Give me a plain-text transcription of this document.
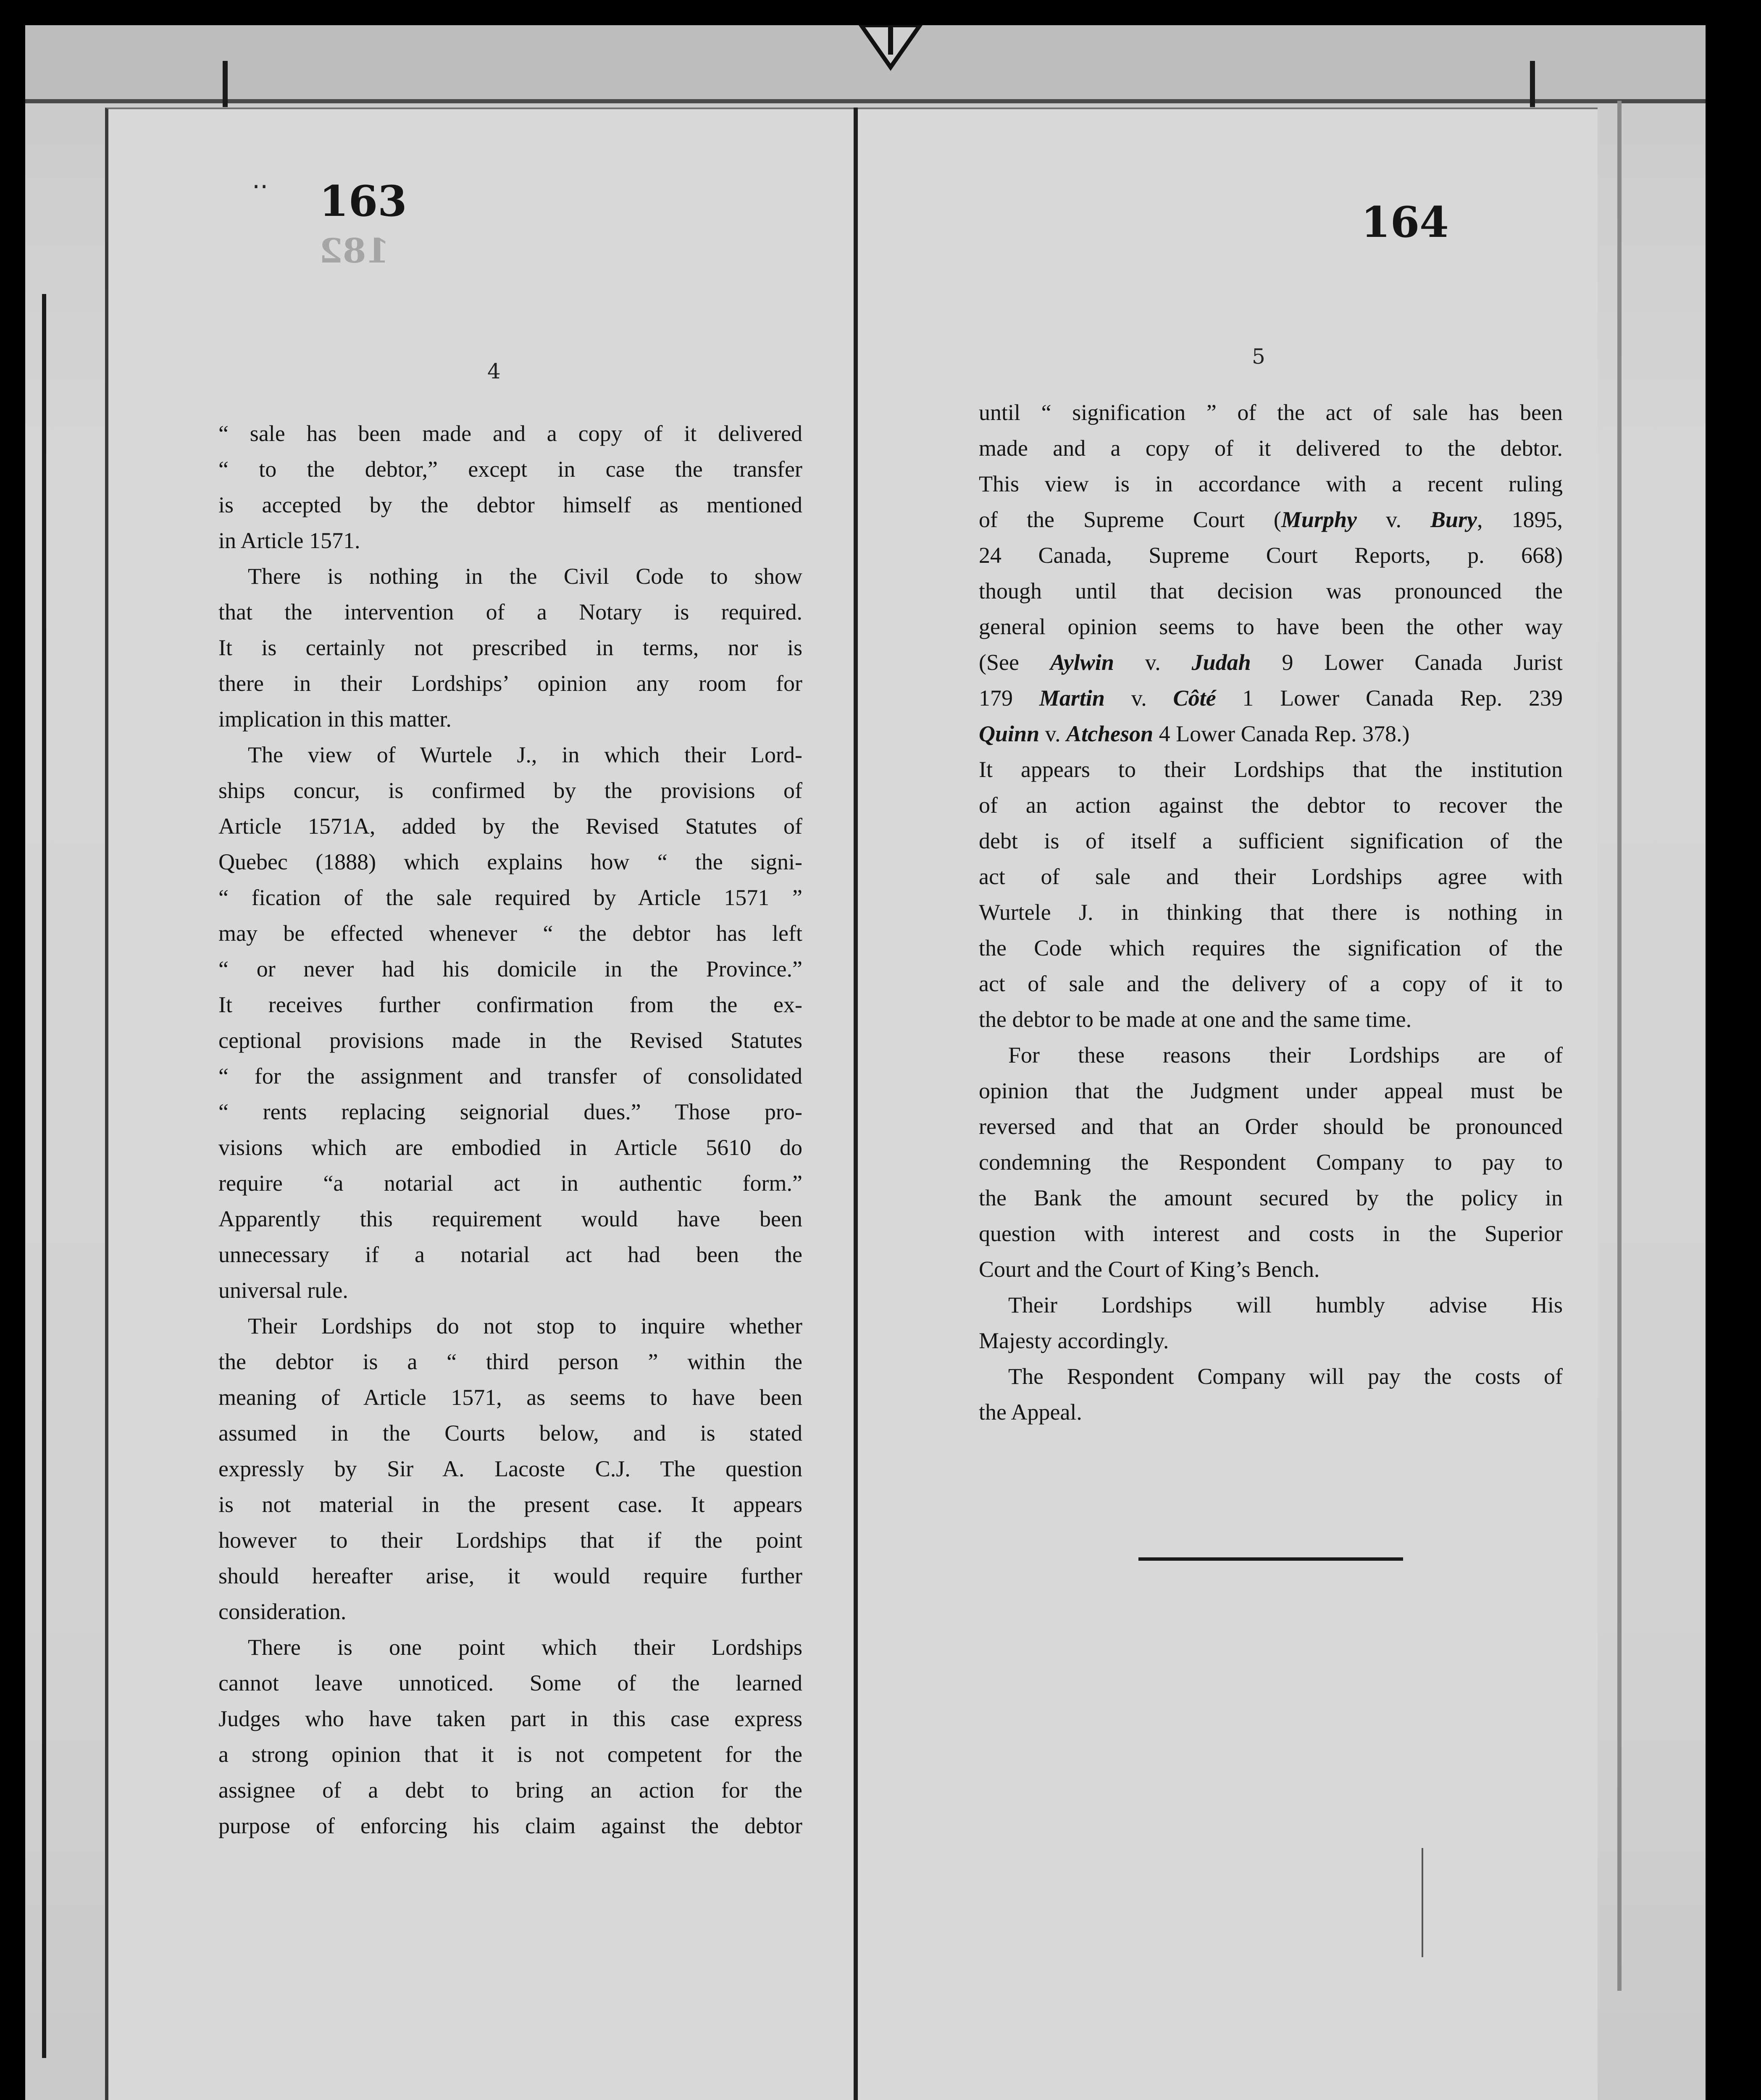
·· 163
182
164
4
5
“ sale has been made and a copy of it delivered
“ to the debtor,” except in case the transfer
is accepted by the debtor himself as mentioned
in Article 1571.
There is nothing in the Civil Code to show
that the intervention of a Notary is required.
It is certainly not prescribed in terms, nor is
there in their Lordships’ opinion any room for
implication in this matter.
The view of Wurtele J., in which their Lord-
ships concur, is confirmed by the provisions of
Article 1571A, added by the Revised Statutes of
Quebec (1888) which explains how “ the signi-
“ fication of the sale required by Article 1571 ”
may be effected whenever “ the debtor has left
“ or never had his domicile in the Province.”
It receives further confirmation from the ex-
ceptional provisions made in the Revised Statutes
“ for the assignment and transfer of consolidated
“ rents replacing seignorial dues.” Those pro-
visions which are embodied in Article 5610 do
require “a notarial act in authentic form.”
Apparently this requirement would have been
unnecessary if a notarial act had been the
universal rule.
Their Lordships do not stop to inquire whether
the debtor is a “ third person ” within the
meaning of Article 1571, as seems to have been
assumed in the Courts below, and is stated
expressly by Sir A. Lacoste C.J. The question
is not material in the present case. It appears
however to their Lordships that if the point
should hereafter arise, it would require further
consideration.
There is one point which their Lordships
cannot leave unnoticed. Some of the learned
Judges who have taken part in this case express
a strong opinion that it is not competent for the
assignee of a debt to bring an action for the
purpose of enforcing his claim against the debtor
until “ signification ” of the act of sale has been
made and a copy of it delivered to the debtor.
This view is in accordance with a recent ruling
of the Supreme Court (Murphy v. Bury, 1895,
24 Canada, Supreme Court Reports, p. 668)
though until that decision was pronounced the
general opinion seems to have been the other way
(See Aylwin v. Judah 9 Lower Canada Jurist
179 Martin v. Côté 1 Lower Canada Rep. 239
Quinn v. Atcheson 4 Lower Canada Rep. 378.)
It appears to their Lordships that the institution
of an action against the debtor to recover the
debt is of itself a sufficient signification of the
act of sale and their Lordships agree with
Wurtele J. in thinking that there is nothing in
the Code which requires the signification of the
act of sale and the delivery of a copy of it to
the debtor to be made at one and the same time.
For these reasons their Lordships are of
opinion that the Judgment under appeal must be
reversed and that an Order should be pronounced
condemning the Respondent Company to pay to
the Bank the amount secured by the policy in
question with interest and costs in the Superior
Court and the Court of King’s Bench.
Their Lordships will humbly advise His
Majesty accordingly.
The Respondent Company will pay the costs of
the Appeal.
